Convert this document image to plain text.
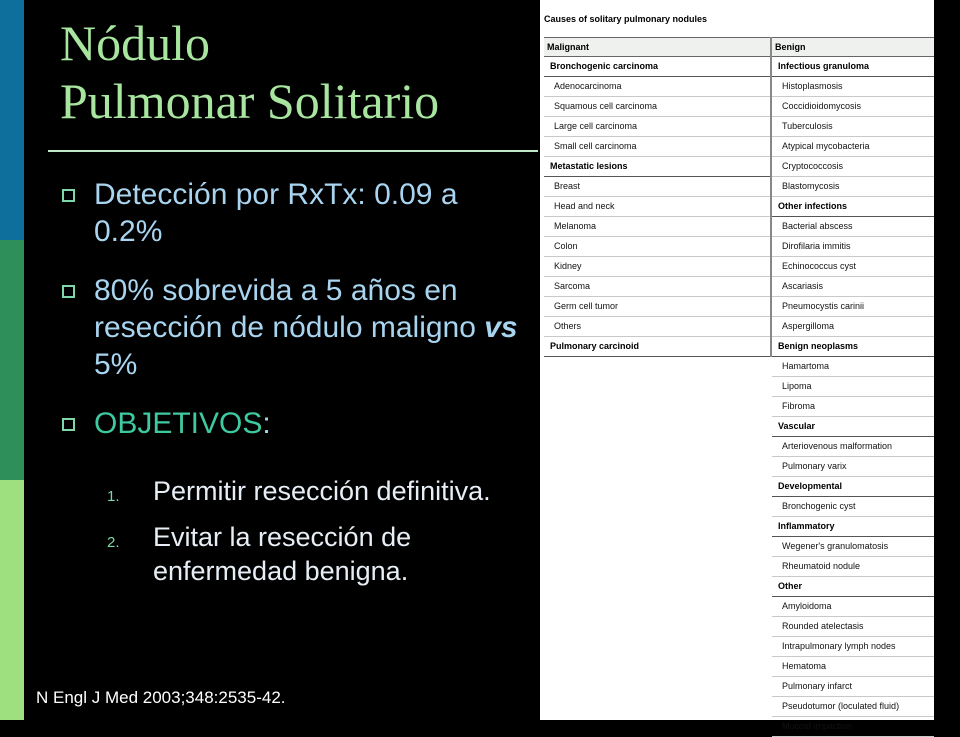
Nódulo
Pulmonar Solitario
Detección por RxTx: 0.09 a 0.2%
80% sobrevida a 5 años en resección de nódulo maligno vs 5%
OBJETIVOS:
1. Permitir resección definitiva.
2. Evitar la resección de enfermedad benigna.
N Engl J Med 2003;348:2535-42.
Causes of solitary pulmonary nodules
Malignant
Bronchogenic carcinoma
Adenocarcinoma
Squamous cell carcinoma
Large cell carcinoma
Small cell carcinoma
Metastatic lesions
Breast
Head and neck
Melanoma
Colon
Kidney
Sarcoma
Germ cell tumor
Others
Pulmonary carcinoid
Benign
Infectious granuloma
Histoplasmosis
Coccidioidomycosis
Tuberculosis
Atypical mycobacteria
Cryptococcosis
Blastomycosis
Other infections
Bacterial abscess
Dirofilaria immitis
Echinococcus cyst
Ascariasis
Pneumocystis carinii
Aspergilloma
Benign neoplasms
Hamartoma
Lipoma
Fibroma
Vascular
Arteriovenous malformation
Pulmonary varix
Developmental
Bronchogenic cyst
Inflammatory
Wegener's granulomatosis
Rheumatoid nodule
Other
Amyloidoma
Rounded atelectasis
Intrapulmonary lymph nodes
Hematoma
Pulmonary infarct
Pseudotumor (loculated fluid)
Mucoid impaction
